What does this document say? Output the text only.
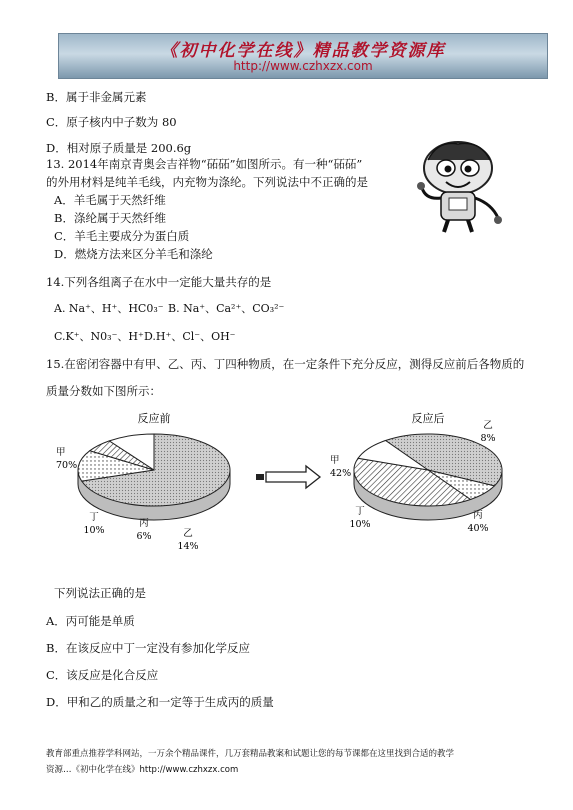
《初中化学在线》精品教学资源库
http://www.czhxzx.com
B．属于非金属元素
C．原子核内中子数为 80
D．相对原子质量是 200.6g
13. 2014年南京青奥会吉祥物“砳砳”如图所示。有一种“砳砳”
的外用材料是纯羊毛线，内充物为涤纶。下列说法中不正确的是
A．羊毛属于天然纤维
B．涤纶属于天然纤维
C．羊毛主要成分为蛋白质
D．燃烧方法来区分羊毛和涤纶
14.下列各组离子在水中一定能大量共存的是
A. Na⁺、H⁺、HC0₃⁻ B. Na⁺、Ca²⁺、CO₃²⁻
C.K⁺、N0₃⁻、H⁺ D.H⁺、Cl⁻、OH⁻
15.在密闭容器中有甲、乙、丙、丁四种物质，在一定条件下充分反应，测得反应前后各物质的
质量分数如下图所示：
反应前	反应后
甲 70%
乙 14%
丙 6%
丁 10%
甲 42%
乙 8%
丙 40%
丁 10%
下列说法正确的是
A．丙可能是单质
B．在该反应中丁一定没有参加化学反应
C．该反应是化合反应
D．甲和乙的质量之和一定等于生成丙的质量
教育部重点推荐学科网站，一万余个精品课件，几万套精品教案和试题让您的每节课都在这里找到合适的教学
资源…《初中化学在线》http://www.czhxzx.com
